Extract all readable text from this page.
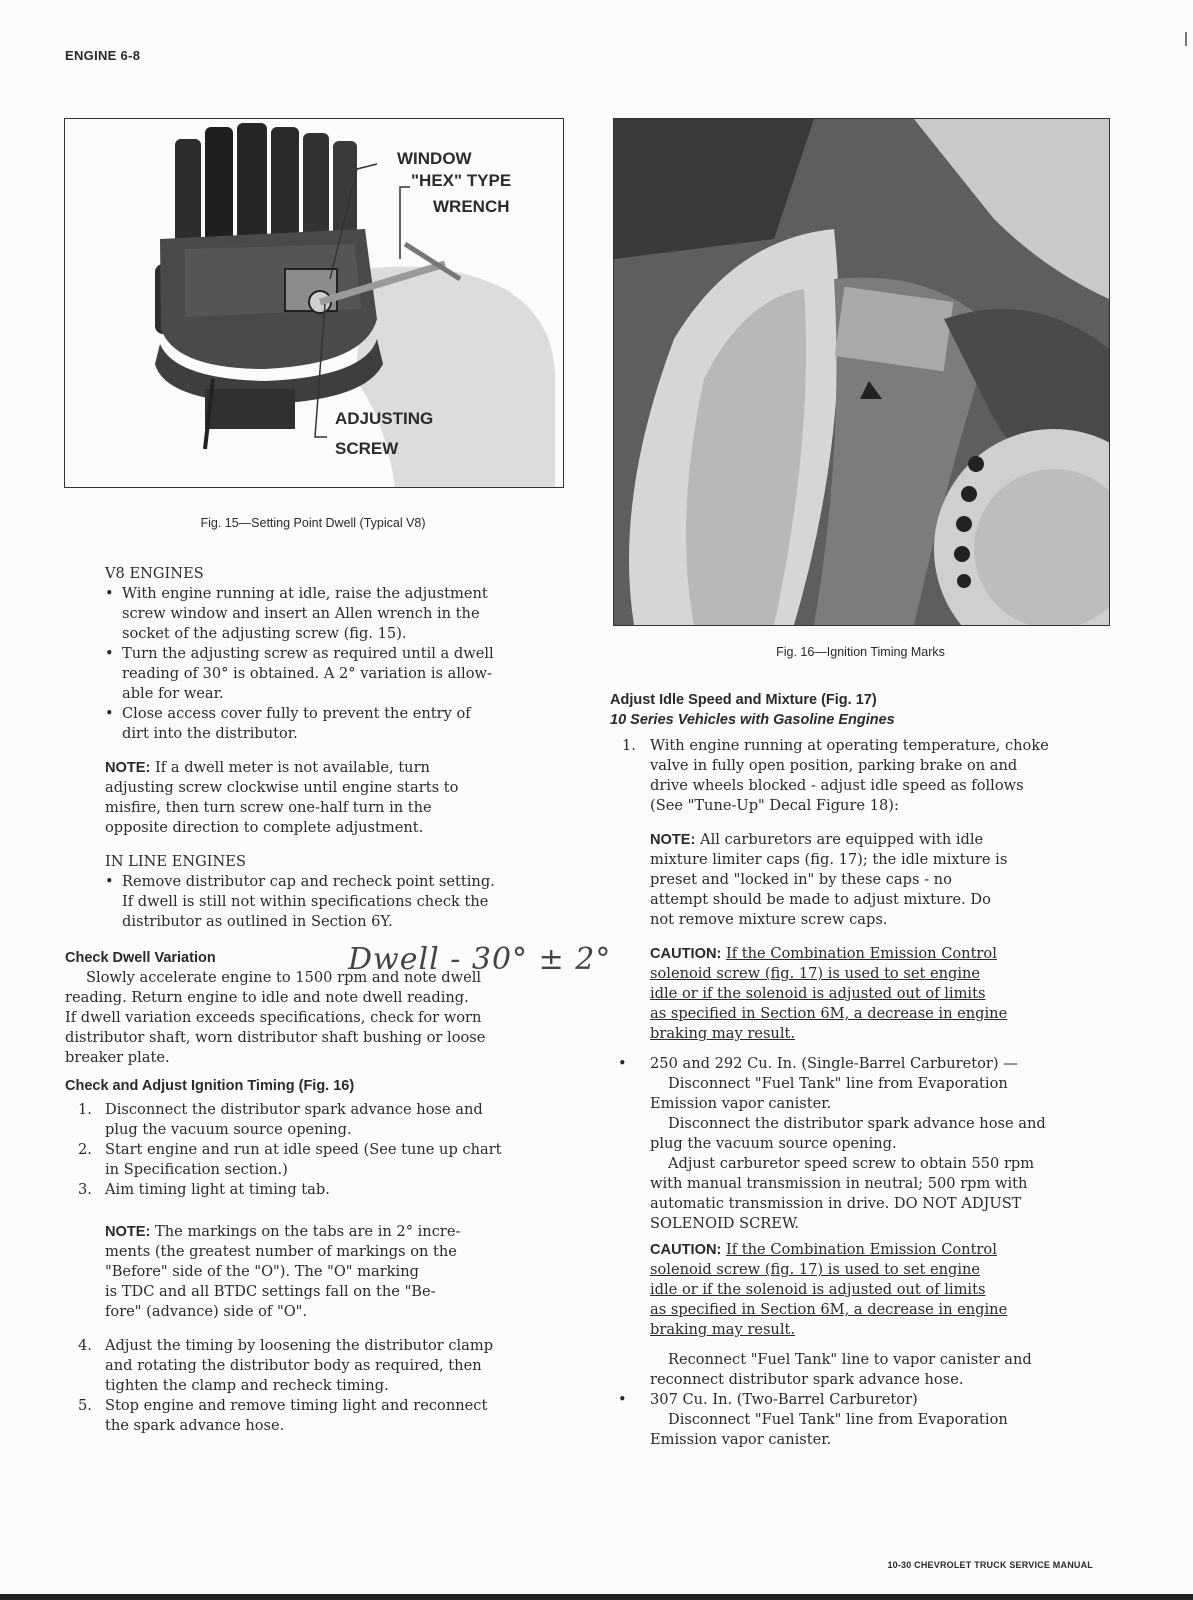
ENGINE 6-8
WINDOW
"HEX" TYPE
WRENCH
ADJUSTING
SCREW
Fig. 15—Setting Point Dwell (Typical V8)
Fig. 16—Ignition Timing Marks
V8 ENGINES
• With engine running at idle, raise the adjustment
screw window and insert an Allen wrench in the
socket of the adjusting screw (fig. 15).
• Turn the adjusting screw as required until a dwell
reading of 30° is obtained. A 2° variation is allow-
able for wear.
• Close access cover fully to prevent the entry of
dirt into the distributor.
NOTE: If a dwell meter is not available, turn
adjusting screw clockwise until engine starts to
misfire, then turn screw one-half turn in the
opposite direction to complete adjustment.
IN LINE ENGINES
• Remove distributor cap and recheck point setting.
If dwell is still not within specifications check the
distributor as outlined in Section 6Y.
Check Dwell Variation	Dwell - 30° ± 2°
Slowly accelerate engine to 1500 rpm and note dwell
reading. Return engine to idle and note dwell reading.
If dwell variation exceeds specifications, check for worn
distributor shaft, worn distributor shaft bushing or loose
breaker plate.
Check and Adjust Ignition Timing (Fig. 16)
1. Disconnect the distributor spark advance hose and
plug the vacuum source opening.
2. Start engine and run at idle speed (See tune up chart
in Specification section.)
3. Aim timing light at timing tab.
NOTE: The markings on the tabs are in 2° incre-
ments (the greatest number of markings on the
"Before" side of the "O"). The "O" marking
is TDC and all BTDC settings fall on the "Be-
fore" (advance) side of "O".
4. Adjust the timing by loosening the distributor clamp
and rotating the distributor body as required, then
tighten the clamp and recheck timing.
5. Stop engine and remove timing light and reconnect
the spark advance hose.
Adjust Idle Speed and Mixture (Fig. 17)
10 Series Vehicles with Gasoline Engines
1. With engine running at operating temperature, choke
valve in fully open position, parking brake on and
drive wheels blocked - adjust idle speed as follows
(See "Tune-Up" Decal Figure 18):
NOTE: All carburetors are equipped with idle
mixture limiter caps (fig. 17); the idle mixture is
preset and "locked in" by these caps - no
attempt should be made to adjust mixture. Do
not remove mixture screw caps.
CAUTION: If the Combination Emission Control
solenoid screw (fig. 17) is used to set engine
idle or if the solenoid is adjusted out of limits
as specified in Section 6M, a decrease in engine
braking may result.
• 250 and 292 Cu. In. (Single-Barrel Carburetor) —
Disconnect "Fuel Tank" line from Evaporation
Emission vapor canister.
Disconnect the distributor spark advance hose and
plug the vacuum source opening.
Adjust carburetor speed screw to obtain 550 rpm
with manual transmission in neutral; 500 rpm with
automatic transmission in drive. DO NOT ADJUST
SOLENOID SCREW.
CAUTION: If the Combination Emission Control
solenoid screw (fig. 17) is used to set engine
idle or if the solenoid is adjusted out of limits
as specified in Section 6M, a decrease in engine
braking may result.
Reconnect "Fuel Tank" line to vapor canister and
reconnect distributor spark advance hose.
• 307 Cu. In. (Two-Barrel Carburetor)
Disconnect "Fuel Tank" line from Evaporation
Emission vapor canister.
10-30 CHEVROLET TRUCK SERVICE MANUAL
